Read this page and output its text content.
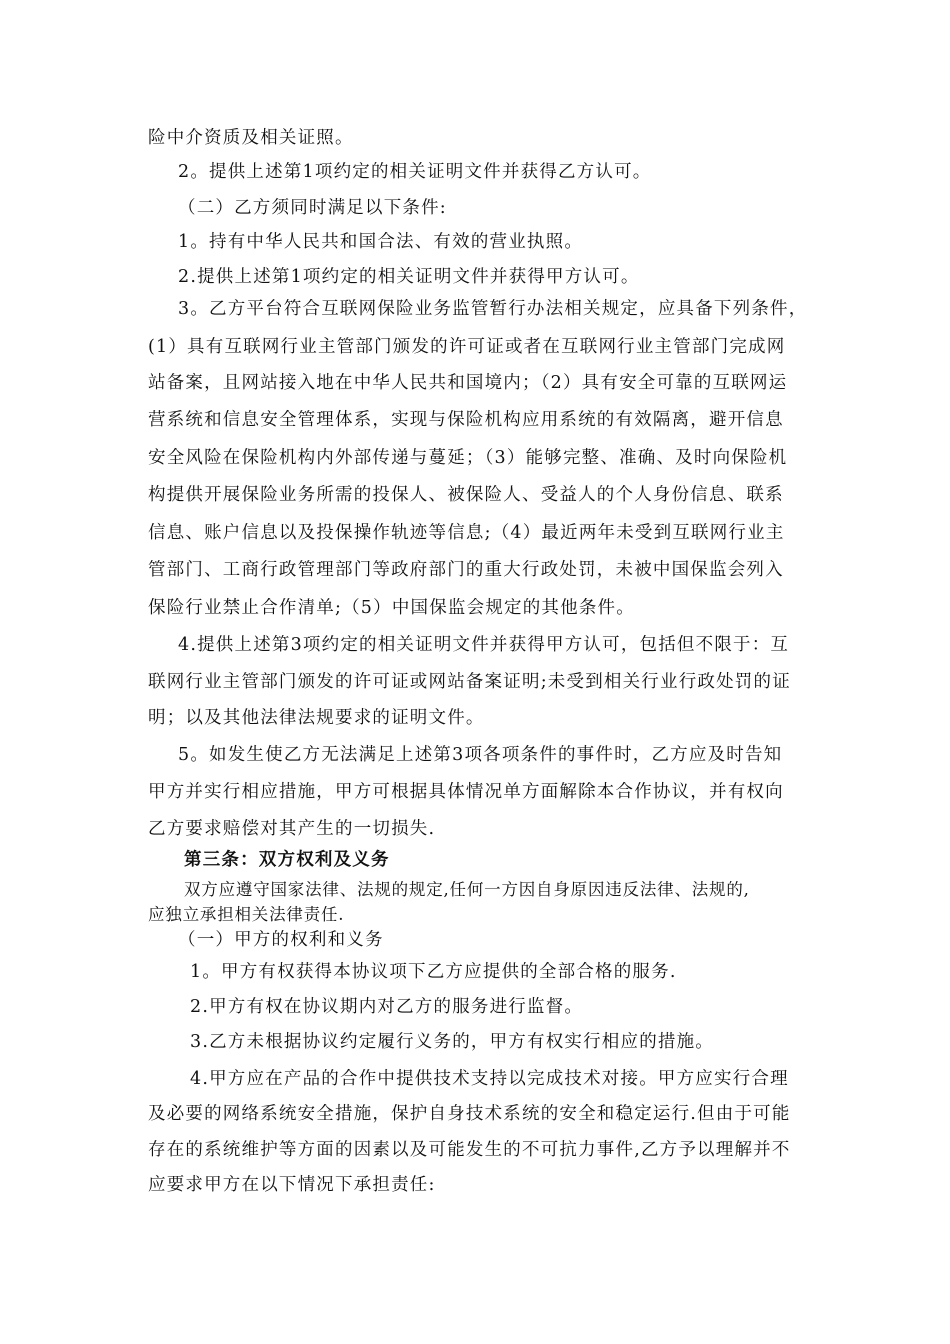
险中介资质及相关证照。
2。提供上述第1项约定的相关证明文件并获得乙方认可。
（二）乙方须同时满足以下条件:
1。持有中华人民共和国合法、有效的营业执照。
2.提供上述第1项约定的相关证明文件并获得甲方认可。
3。乙方平台符合互联网保险业务监管暂行办法相关规定，应具备下列条件，
(1）具有互联网行业主管部门颁发的许可证或者在互联网行业主管部门完成网
站备案，且网站接入地在中华人民共和国境内；（2）具有安全可靠的互联网运
营系统和信息安全管理体系，实现与保险机构应用系统的有效隔离，避开信息
安全风险在保险机构内外部传递与蔓延；（3）能够完整、准确、及时向保险机
构提供开展保险业务所需的投保人、被保险人、受益人的个人身份信息、联系
信息、账户信息以及投保操作轨迹等信息;（4）最近两年未受到互联网行业主
管部门、工商行政管理部门等政府部门的重大行政处罚，未被中国保监会列入
保险行业禁止合作清单;（5）中国保监会规定的其他条件。
4.提供上述第3项约定的相关证明文件并获得甲方认可，包括但不限于：互
联网行业主管部门颁发的许可证或网站备案证明;未受到相关行业行政处罚的证
明；以及其他法律法规要求的证明文件。
5。如发生使乙方无法满足上述第3项各项条件的事件时，乙方应及时告知
甲方并实行相应措施，甲方可根据具体情况单方面解除本合作协议，并有权向
乙方要求赔偿对其产生的一切损失.
第三条：双方权利及义务
双方应遵守国家法律、法规的规定,任何一方因自身原因违反法律、法规的,
应独立承担相关法律责任.
（一）甲方的权利和义务
1。甲方有权获得本协议项下乙方应提供的全部合格的服务.
2.甲方有权在协议期内对乙方的服务进行监督。
3.乙方未根据协议约定履行义务的，甲方有权实行相应的措施。
4.甲方应在产品的合作中提供技术支持以完成技术对接。甲方应实行合理
及必要的网络系统安全措施，保护自身技术系统的安全和稳定运行.但由于可能
存在的系统维护等方面的因素以及可能发生的不可抗力事件,乙方予以理解并不
应要求甲方在以下情况下承担责任:
